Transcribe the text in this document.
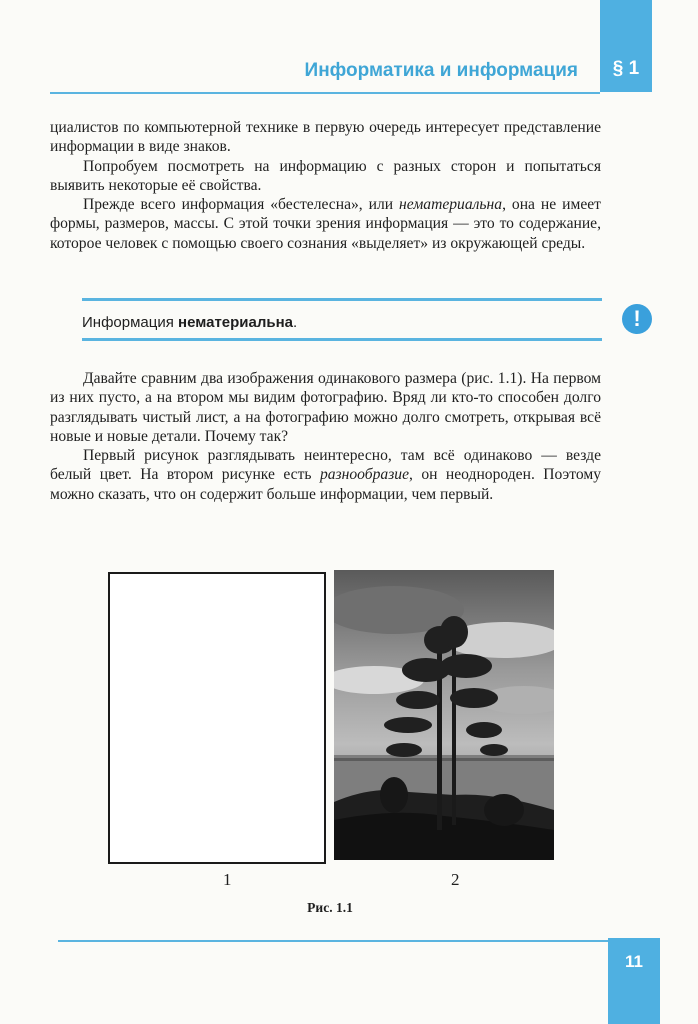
§ 1
Информатика и информация

циалистов по компьютерной технике в первую очередь интересует представление информации в виде знаков.

Попробуем посмотреть на информацию с разных сторон и попытаться выявить некоторые её свойства.

Прежде всего информация «бестелесна», или нематериальна, она не имеет формы, размеров, массы. С этой точки зрения информация — это то содержание, которое человек с помощью своего сознания «выделяет» из окружающей среды.

Информация нематериальна.	!

Давайте сравним два изображения одинакового размера (рис. 1.1). На первом из них пусто, а на втором мы видим фотографию. Вряд ли кто-то способен долго разглядывать чистый лист, а на фотографию можно долго смотреть, открывая всё новые и новые детали. Почему так?

Первый рисунок разглядывать неинтересно, там всё одинаково — везде белый цвет. На втором рисунке есть разнообразие, он неоднороден. Поэтому можно сказать, что он содержит больше информации, чем первый.

1	2
Рис. 1.1
11
